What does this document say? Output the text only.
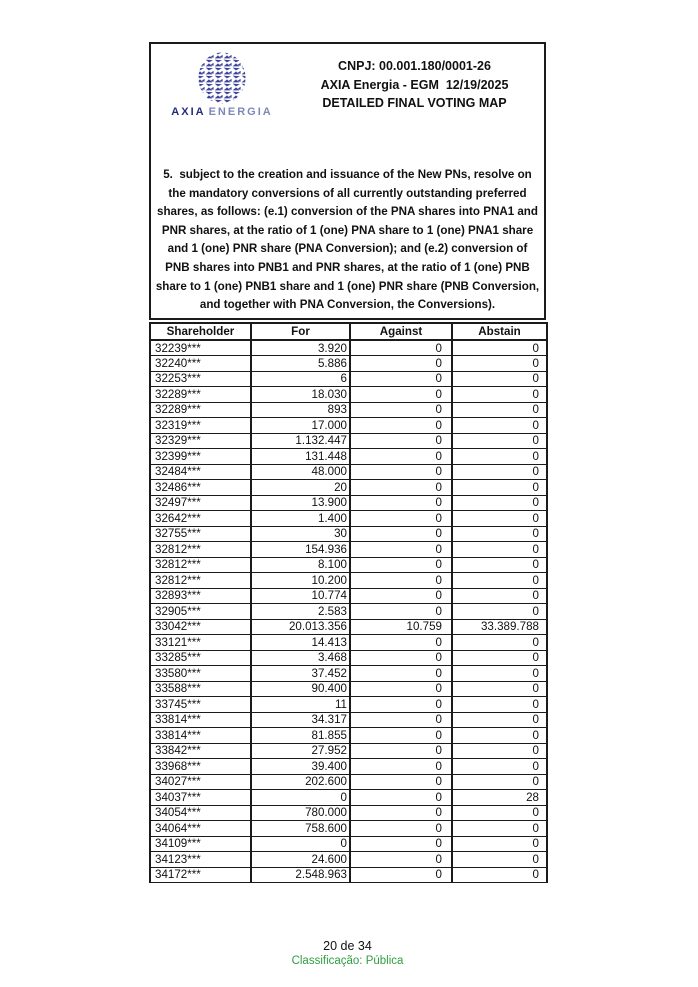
AXIA ENERGIA
CNPJ: 00.001.180/0001-26
AXIA Energia - EGM  12/19/2025
DETAILED FINAL VOTING MAP
5.  subject to the creation and issuance of the New PNs, resolve on the mandatory conversions of all currently outstanding preferred shares, as follows: (e.1) conversion of the PNA shares into PNA1 and PNR shares, at the ratio of 1 (one) PNA share to 1 (one) PNA1 share and 1 (one) PNR share (PNA Conversion); and (e.2) conversion of PNB shares into PNB1 and PNR shares, at the ratio of 1 (one) PNB share to 1 (one) PNB1 share and 1 (one) PNR share (PNB Conversion, and together with PNA Conversion, the Conversions).
Shareholder	For	Against	Abstain
32239***	3.920	0	0
32240***	5.886	0	0
32253***	6	0	0
32289***	18.030	0	0
32289***	893	0	0
32319***	17.000	0	0
32329***	1.132.447	0	0
32399***	131.448	0	0
32484***	48.000	0	0
32486***	20	0	0
32497***	13.900	0	0
32642***	1.400	0	0
32755***	30	0	0
32812***	154.936	0	0
32812***	8.100	0	0
32812***	10.200	0	0
32893***	10.774	0	0
32905***	2.583	0	0
33042***	20.013.356	10.759	33.389.788
33121***	14.413	0	0
33285***	3.468	0	0
33580***	37.452	0	0
33588***	90.400	0	0
33745***	11	0	0
33814***	34.317	0	0
33814***	81.855	0	0
33842***	27.952	0	0
33968***	39.400	0	0
34027***	202.600	0	0
34037***	0	0	28
34054***	780.000	0	0
34064***	758.600	0	0
34109***	0	0	0
34123***	24.600	0	0
34172***	2.548.963	0	0
20 de 34
Classificação: Pública
